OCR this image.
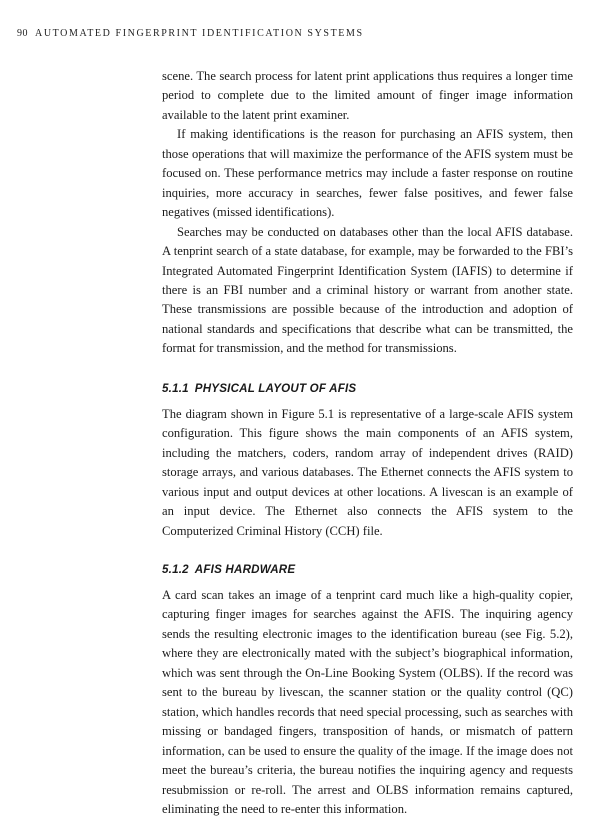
90 AUTOMATED FINGERPRINT IDENTIFICATION SYSTEMS

scene. The search process for latent print applications thus requires a longer time period to complete due to the limited amount of finger image information available to the latent print examiner.

If making identifications is the reason for purchasing an AFIS system, then those operations that will maximize the performance of the AFIS system must be focused on. These performance metrics may include a faster response on routine inquiries, more accuracy in searches, fewer false positives, and fewer false negatives (missed identifications).

Searches may be conducted on databases other than the local AFIS database. A tenprint search of a state database, for example, may be forwarded to the FBI’s Integrated Automated Fingerprint Identification System (IAFIS) to determine if there is an FBI number and a criminal history or warrant from another state. These transmissions are possible because of the introduction and adoption of national standards and specifications that describe what can be transmitted, the format for transmission, and the method for transmissions.

5.1.1 PHYSICAL LAYOUT OF AFIS

The diagram shown in Figure 5.1 is representative of a large-scale AFIS system configuration. This figure shows the main components of an AFIS system, including the matchers, coders, random array of independent drives (RAID) storage arrays, and various databases. The Ethernet connects the AFIS system to various input and output devices at other locations. A livescan is an example of an input device. The Ethernet also connects the AFIS system to the Computerized Criminal History (CCH) file.

5.1.2 AFIS HARDWARE

A card scan takes an image of a tenprint card much like a high-quality copier, capturing finger images for searches against the AFIS. The inquiring agency sends the resulting electronic images to the identification bureau (see Fig. 5.2), where they are electronically mated with the subject’s biographical information, which was sent through the On-Line Booking System (OLBS). If the record was sent to the bureau by livescan, the scanner station or the quality control (QC) station, which handles records that need special processing, such as searches with missing or bandaged fingers, transposition of hands, or mismatch of pattern information, can be used to ensure the quality of the image. If the image does not meet the bureau’s criteria, the bureau notifies the inquiring agency and requests resubmission or re-roll. The arrest and OLBS information remains captured, eliminating the need to re-enter this information.
